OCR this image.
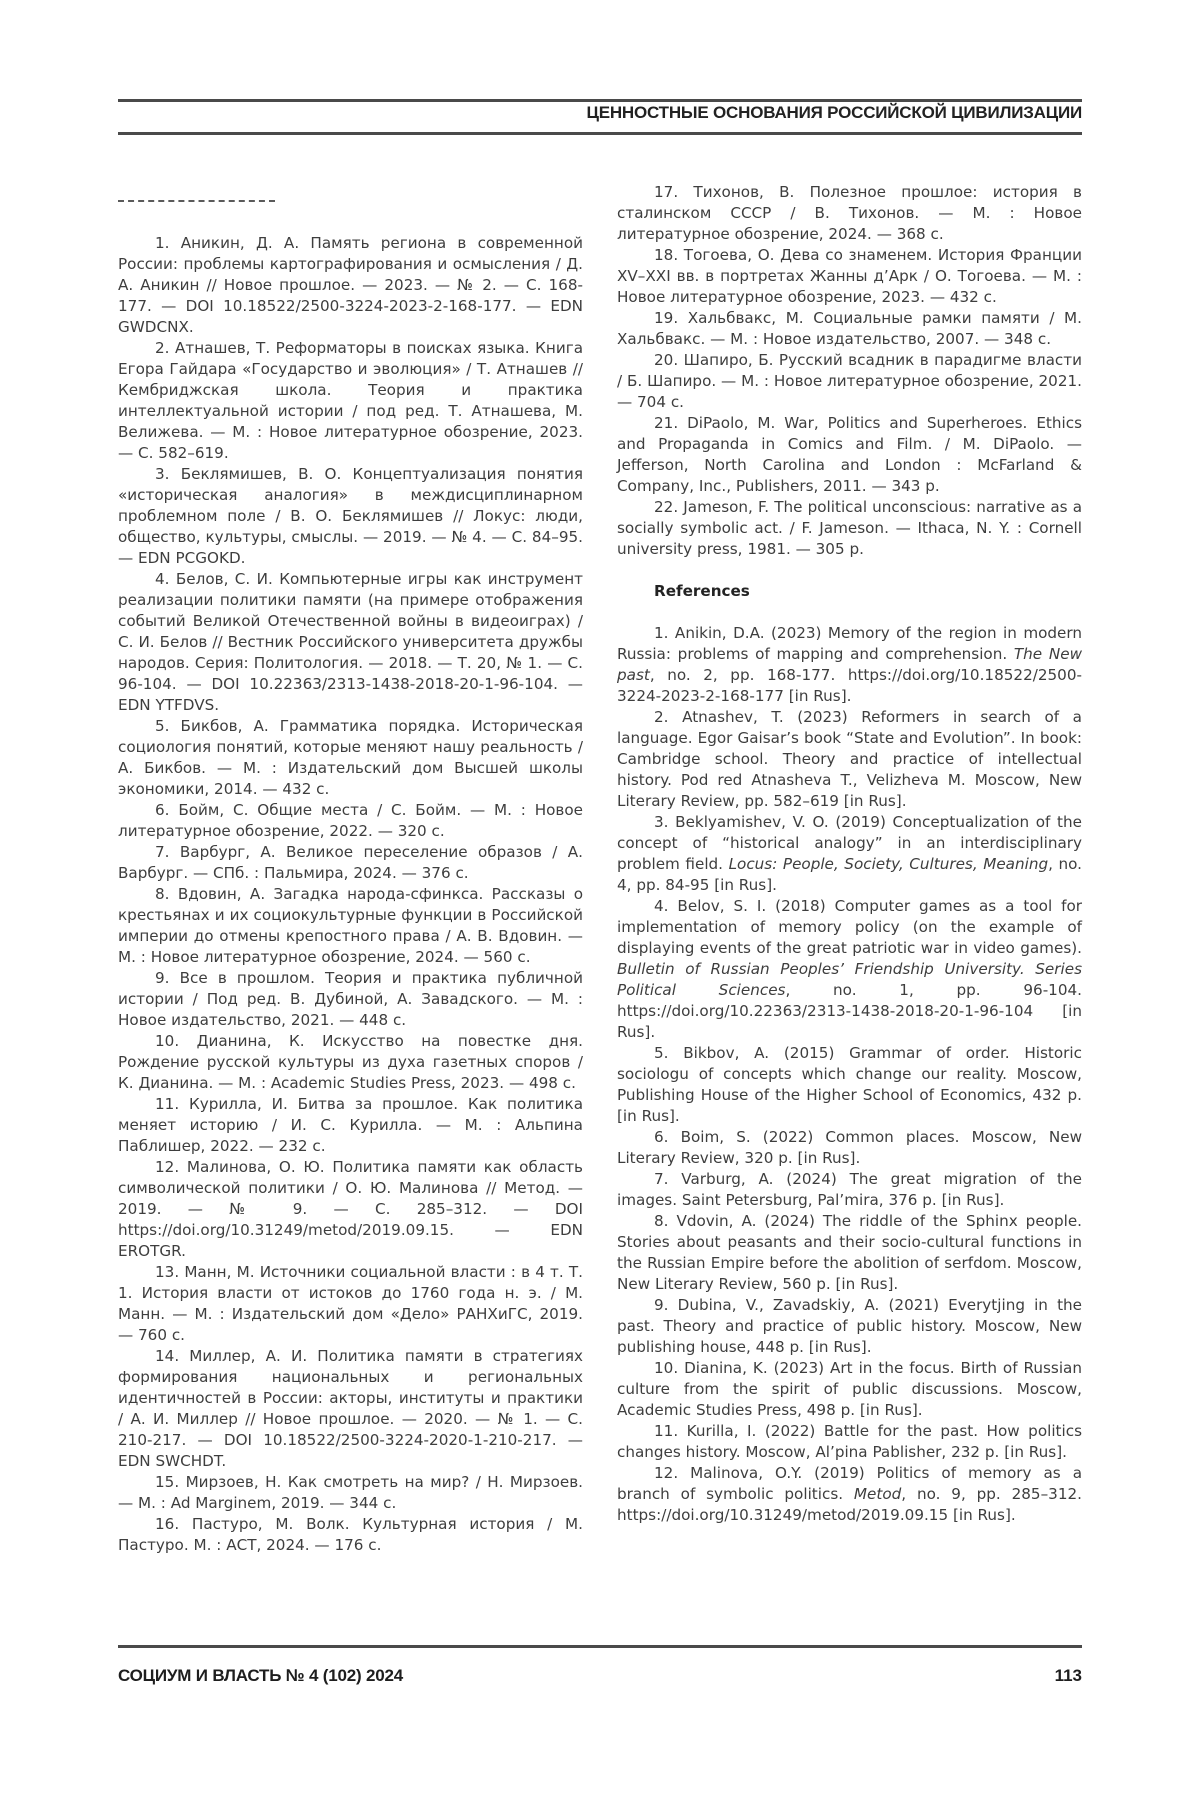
ЦЕННОСТНЫЕ ОСНОВАНИЯ РОССИЙСКОЙ ЦИВИЛИЗАЦИИ

1. Аникин, Д. А. Память региона в современной России: проблемы картографирования и осмысления / Д. А. Аникин // Новое прошлое. — 2023. — № 2. — С. 168-177. — DOI 10.18522/2500-3224-2023-2-168-177. — EDN GWDCNX.

2. Атнашев, Т. Реформаторы в поисках языка. Книга Егора Гайдара «Государство и эволюция» / Т. Атнашев //Кембриджская школа. Теория и практика интеллектуальной истории / под ред. Т. Атнашева, М. Велижева. — М. : Новое литературное обозрение, 2023. — С. 582–619.

3. Беклямишев, В. О. Концептуализация понятия «историческая аналогия» в междисциплинарном проблемном поле / В. О. Беклямишев // Локус: люди, общество, культуры, смыслы. — 2019. — № 4. — С. 84–95. — EDN PCGOKD.

4. Белов, С. И. Компьютерные игры как инструмент реализации политики памяти (на примере отображения событий Великой Отечественной войны в видеоиграх) / С. И. Белов // Вестник Российского университета дружбы народов. Серия: Политология. — 2018. — Т. 20, № 1. — С. 96-104. — DOI 10.22363/2313-1438-2018-20-1-96-104. — EDN YTFDVS.

5. Бикбов, А. Грамматика порядка. Историческая социология понятий, которые меняют нашу реальность / А. Бикбов. — М. : Издательский дом Высшей школы экономики, 2014. — 432 с.

6. Бойм, С. Общие места / С. Бойм. — М. : Новое литературное обозрение, 2022. — 320 с.

7. Варбург, А. Великое переселение образов / А. Варбург. — СПб. : Пальмира, 2024. — 376 с.

8. Вдовин, А. Загадка народа-сфинкса. Рассказы о крестьянах и их социокультурные функции в Российской империи до отмены крепостного права / А. В. Вдовин. — М. : Новое литературное обозрение, 2024. — 560 с.

9. Все в прошлом. Теория и практика публичной истории / Под ред. В. Дубиной, А. Завадского. — М. : Новое издательство, 2021. — 448 с.

10. Дианина, К. Искусство на повестке дня. Рождение русской культуры из духа газетных споров / К. Дианина. — М. : Academic Studies Press, 2023. — 498 с.

11. Курилла, И. Битва за прошлое. Как политика меняет историю / И. С. Курилла. — М. : Альпина Паблишер, 2022. — 232 с.

12. Малинова, О. Ю. Политика памяти как область символической политики / О. Ю. Малинова // Метод. — 2019. — № 9. — С. 285–312. — DOI https://doi.org/10.31249/metod/2019.09.15. — EDN EROTGR.

13. Манн, М. Источники социальной власти : в 4 т. Т. 1. История власти от истоков до 1760 года н. э. / М. Манн. — М. : Издательский дом «Дело» РАНХиГС, 2019. — 760 с.

14. Миллер, А. И. Политика памяти в стратегиях формирования национальных и региональных идентичностей в России: акторы, институты и практики / А. И. Миллер // Новое прошлое. — 2020. — № 1. — С. 210-217. — DOI 10.18522/2500-3224-2020-1-210-217. — EDN SWCHDT.

15. Мирзоев, Н. Как смотреть на мир? / Н. Мирзоев. — М. : Ad Marginem, 2019. — 344 с.

16. Пастуро, М. Волк. Культурная история / М. Пастуро. М. : АСТ, 2024. — 176 с.

17. Тихонов, В. Полезное прошлое: история в сталинском СССР / В. Тихонов. — М. : Новое литературное обозрение, 2024. — 368 с.

18. Тогоева, О. Дева со знаменем. История Франции XV–XXI вв. в портретах Жанны д’Арк / О. Тогоева. — М. : Новое литературное обозрение, 2023. — 432 с.

19. Хальбвакс, М. Социальные рамки памяти / М. Хальбвакс. — М. : Новое издательство, 2007. — 348 с.

20. Шапиро, Б. Русский всадник в парадигме власти / Б. Шапиро. — М. : Новое литературное обозрение, 2021. — 704 с.

21. DiPaolo, M. War, Politics and Superheroes. Ethics and Propaganda in Comics and Film. / M. DiPaolo. — Jefferson, North Carolina and London : McFarland & Company, Inc., Publishers, 2011. — 343 p.

22. Jameson, F. The political unconscious: narrative as a socially symbolic act. / F. Jameson. — Ithaca, N. Y. : Cornell university press, 1981. — 305 p.

References

1. Anikin, D.A. (2023) Memory of the region in modern Russia: problems of mapping and comprehension. The New past, no. 2, pp. 168-177. https://doi.org/10.18522/2500-3224-2023-2-168-177 [in Rus].

2. Atnashev, T. (2023) Reformers in search of a language. Egor Gaisar’s book “State and Evolution”. In book: Cambridge school. Theory and practice of intellectual history. Pod red Atnasheva T., Velizheva M. Moscow, New Literary Review, pp. 582–619 [in Rus].

3. Beklyamishev, V. O. (2019) Conceptualization of the concept of “historical analogy” in an interdisciplinary problem field. Locus: People, Society, Cultures, Meaning, no. 4, pp. 84-95 [in Rus].

4. Belov, S. I. (2018) Computer games as a tool for implementation of memory policy (on the example of displaying events of the great patriotic war in video games). Bulletin of Russian Peoples’ Friendship University. Series Political Sciences, no. 1, pp. 96-104. https://doi.org/10.22363/2313-1438-2018-20-1-96-104 [in Rus].

5. Bikbov, A. (2015) Grammar of order. Historic sociologu of concepts which change our reality. Moscow, Publishing House of the Higher School of Economics, 432 p. [in Rus].

6. Boim, S. (2022) Common places. Moscow, New Literary Review, 320 p. [in Rus].

7. Varburg, A. (2024) The great migration of the images. Saint Petersburg, Pal’mira, 376 p. [in Rus].

8. Vdovin, A. (2024) The riddle of the Sphinx people. Stories about peasants and their socio-cultural functions in the Russian Empire before the abolition of serfdom. Moscow, New Literary Review, 560 p. [in Rus].

9. Dubina, V., Zavadskiy, A. (2021) Everytjing in the past. Theory and practice of public history. Moscow, New publishing house, 448 p. [in Rus].

10. Dianina, K. (2023) Art in the focus. Birth of Russian culture from the spirit of public discussions. Moscow, Academic Studies Press, 498 p. [in Rus].

11. Kurilla, I. (2022) Battle for the past. How politics changes history. Moscow, Al’pina Pablisher, 232 p. [in Rus].

12. Malinova, O.Y. (2019) Politics of memory as a branch of symbolic politics. Metod, no. 9, pp. 285–312. https://doi.org/10.31249/metod/2019.09.15 [in Rus].

СОЦИУМ И ВЛАСТЬ № 4 (102) 2024	113
